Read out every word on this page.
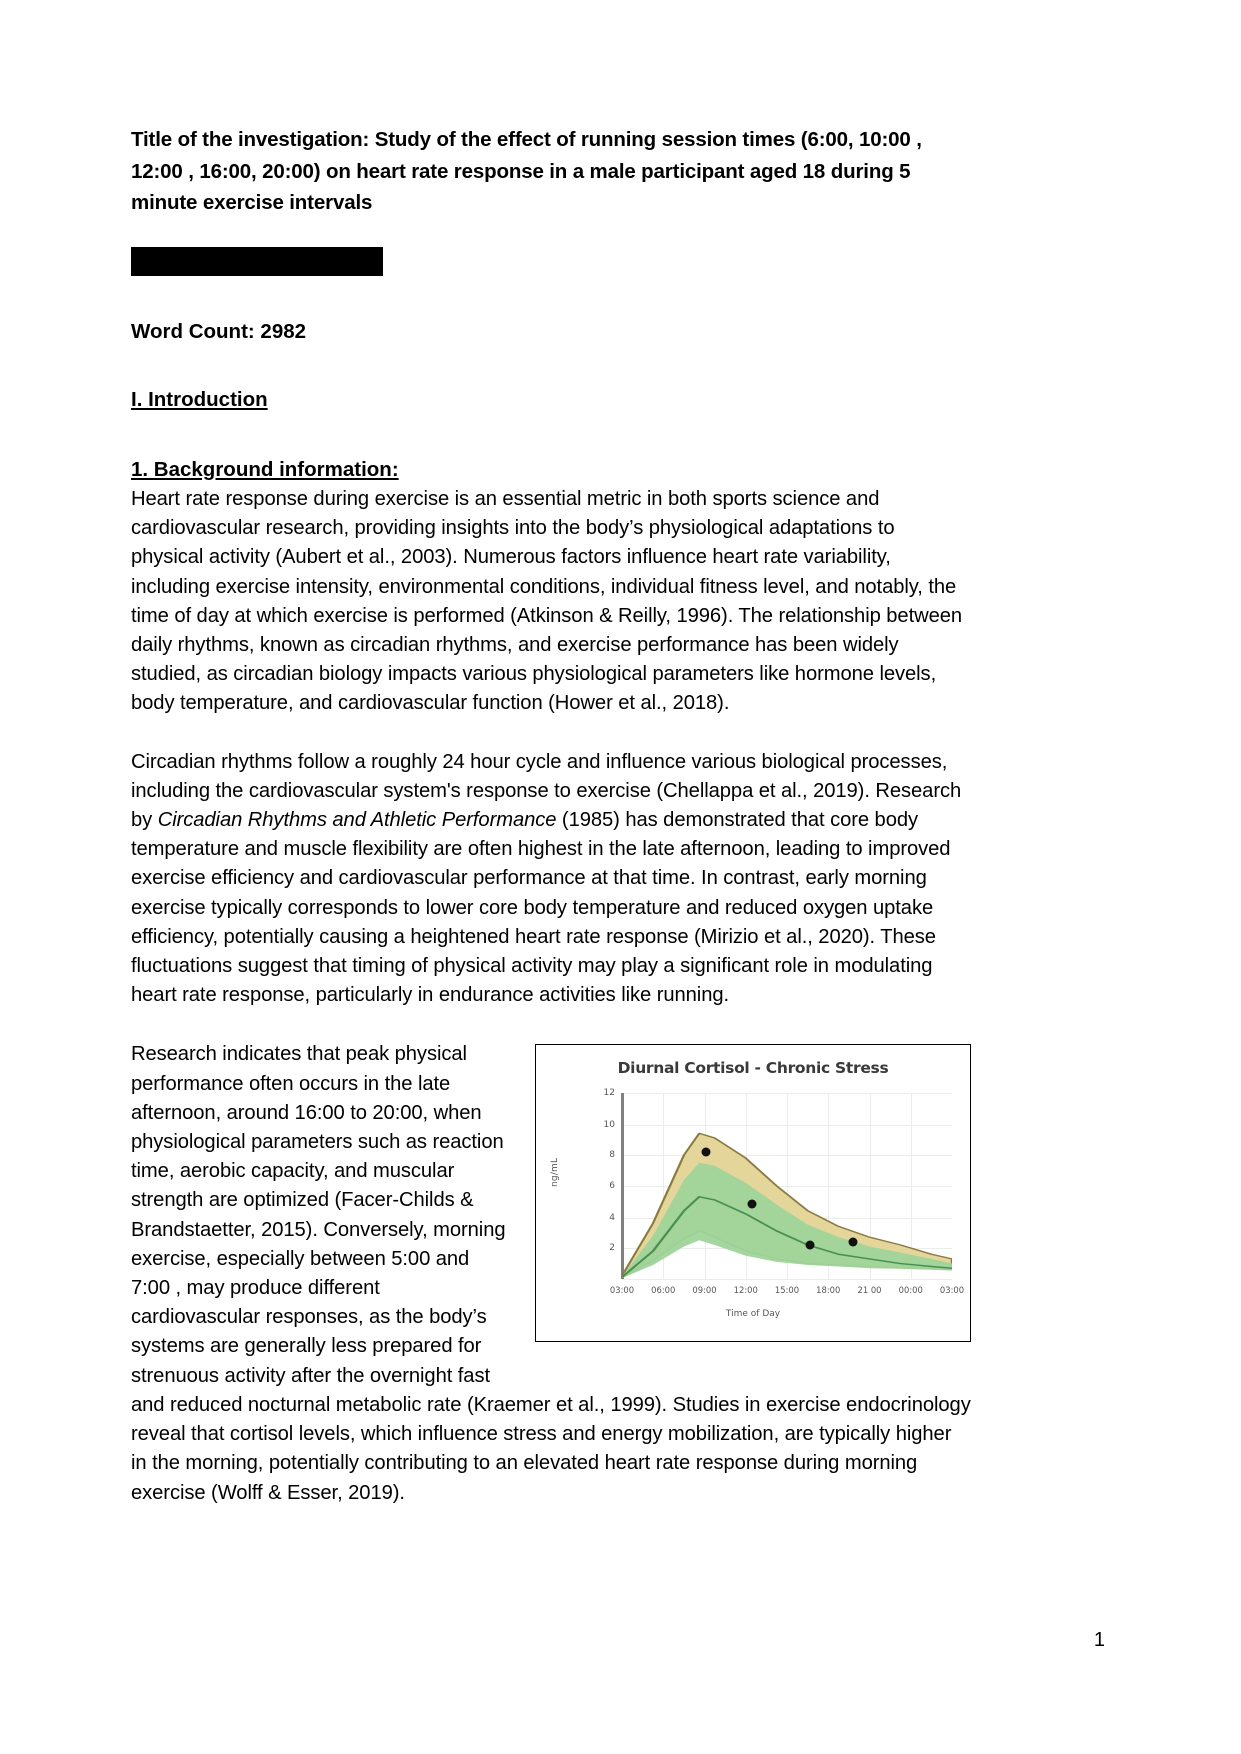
Title of the investigation: Study of the effect of running session times (6:00, 10:00 , 12:00 , 16:00, 20:00) on heart rate response in a male participant aged 18 during 5 minute exercise intervals
Word Count: 2982
I. Introduction
1. Background information:

Heart rate response during exercise is an essential metric in both sports science and cardiovascular research, providing insights into the body’s physiological adaptations to physical activity (Aubert et al., 2003). Numerous factors influence heart rate variability, including exercise intensity, environmental conditions, individual fitness level, and notably, the time of day at which exercise is performed (Atkinson & Reilly, 1996). The relationship between daily rhythms, known as circadian rhythms, and exercise performance has been widely studied, as circadian biology impacts various physiological parameters like hormone levels, body temperature, and cardiovascular function (Hower et al., 2018).

Circadian rhythms follow a roughly 24 hour cycle and influence various biological processes, including the cardiovascular system's response to exercise (Chellappa et al., 2019). Research by Circadian Rhythms and Athletic Performance (1985) has demonstrated that core body temperature and muscle flexibility are often highest in the late afternoon, leading to improved exercise efficiency and cardiovascular performance at that time. In contrast, early morning exercise typically corresponds to lower core body temperature and reduced oxygen uptake efficiency, potentially causing a heightened heart rate response (Mirizio et al., 2020). These fluctuations suggest that timing of physical activity may play a significant role in modulating heart rate response, particularly in endurance activities like running.

Diurnal Cortisol - Chronic Stress
12
10
8
6
4
2
03:00 06:00 09:00 12:00 15:00 18:00 21 00 00:00 03:00
ng/mL
Time of Day

Research indicates that peak physical performance often occurs in the late afternoon, around 16:00 to 20:00, when physiological parameters such as reaction time, aerobic capacity, and muscular strength are optimized (Facer-Childs & Brandstaetter, 2015). Conversely, morning exercise, especially between 5:00 and 7:00 , may produce different cardiovascular responses, as the body’s systems are generally less prepared for strenuous activity after the overnight fast

and reduced nocturnal metabolic rate (Kraemer et al., 1999). Studies in exercise endocrinology reveal that cortisol levels, which influence stress and energy mobilization, are typically higher in the morning, potentially contributing to an elevated heart rate response during morning exercise (Wolff & Esser, 2019).

1
